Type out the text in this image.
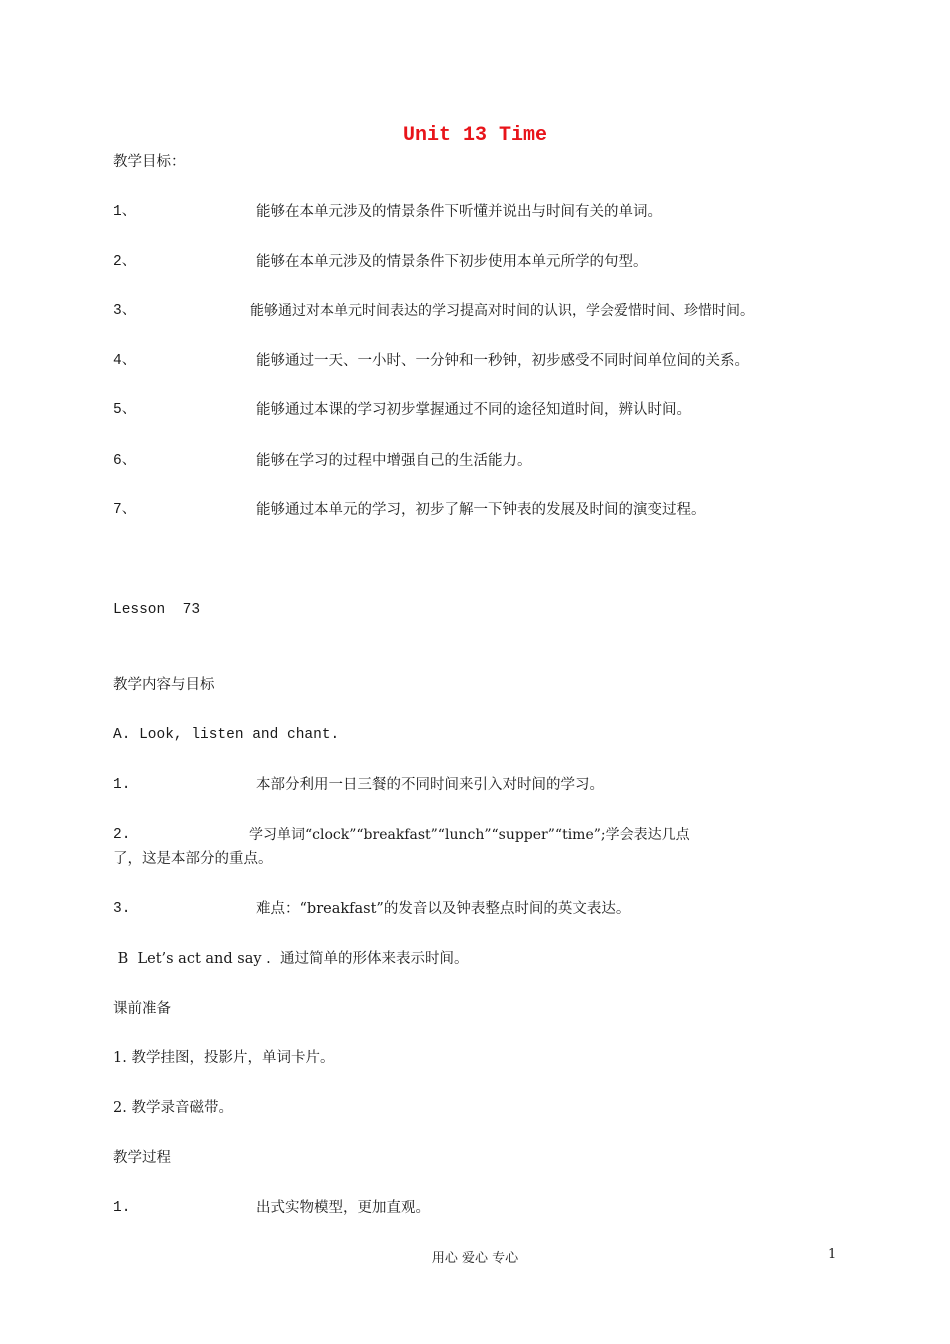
Unit 13 Time
教学目标：
1、	能够在本单元涉及的情景条件下听懂并说出与时间有关的单词。
2、	能够在本单元涉及的情景条件下初步使用本单元所学的句型。
3、	能够通过对本单元时间表达的学习提高对时间的认识，学会爱惜时间、珍惜时间。
4、	能够通过一天、一小时、一分钟和一秒钟，初步感受不同时间单位间的关系。
5、	能够通过本课的学习初步掌握通过不同的途径知道时间，辨认时间。
6、	能够在学习的过程中增强自己的生活能力。
7、	能够通过本单元的学习，初步了解一下钟表的发展及时间的演变过程。
Lesson  73
教学内容与目标
A. Look, listen and chant.
1.	本部分利用一日三餐的不同时间来引入对时间的学习。
2.	学习单词“clock”“breakfast”“lunch”“supper”“time”;学会表达几点
了，这是本部分的重点。
3.	难点：“breakfast”的发音以及钟表整点时间的英文表达。
B  Let’s act and say .  通过简单的形体来表示时间。
课前准备
1. 教学挂图，投影片，单词卡片。
2. 教学录音磁带。
教学过程
1.	出式实物模型，更加直观。
用心 爱心 专心	1
